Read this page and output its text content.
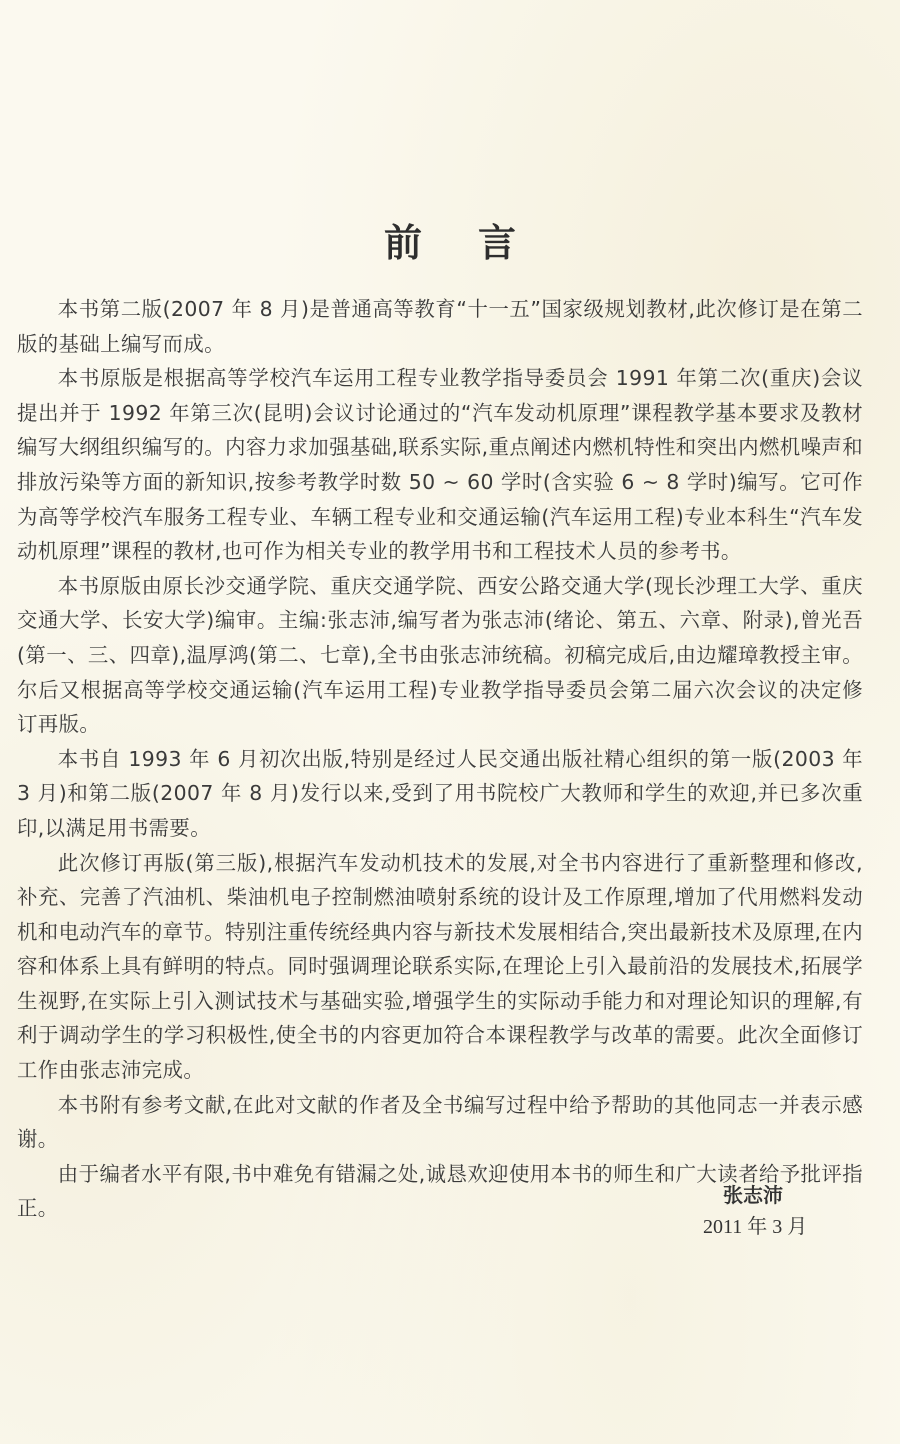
前言

本书第二版(2007 年 8 月)是普通高等教育“十一五”国家级规划教材,此次修订是在第二版的基础上编写而成。

本书原版是根据高等学校汽车运用工程专业教学指导委员会 1991 年第二次(重庆)会议提出并于 1992 年第三次(昆明)会议讨论通过的“汽车发动机原理”课程教学基本要求及教材编写大纲组织编写的。内容力求加强基础,联系实际,重点阐述内燃机特性和突出内燃机噪声和排放污染等方面的新知识,按参考教学时数 50 ~ 60 学时(含实验 6 ~ 8 学时)编写。它可作为高等学校汽车服务工程专业、车辆工程专业和交通运输(汽车运用工程)专业本科生“汽车发动机原理”课程的教材,也可作为相关专业的教学用书和工程技术人员的参考书。

本书原版由原长沙交通学院、重庆交通学院、西安公路交通大学(现长沙理工大学、重庆交通大学、长安大学)编审。主编:张志沛,编写者为张志沛(绪论、第五、六章、附录),曾光吾(第一、三、四章),温厚鸿(第二、七章),全书由张志沛统稿。初稿完成后,由边耀璋教授主审。尔后又根据高等学校交通运输(汽车运用工程)专业教学指导委员会第二届六次会议的决定修订再版。

本书自 1993 年 6 月初次出版,特别是经过人民交通出版社精心组织的第一版(2003 年 3 月)和第二版(2007 年 8 月)发行以来,受到了用书院校广大教师和学生的欢迎,并已多次重印,以满足用书需要。

此次修订再版(第三版),根据汽车发动机技术的发展,对全书内容进行了重新整理和修改,补充、完善了汽油机、柴油机电子控制燃油喷射系统的设计及工作原理,增加了代用燃料发动机和电动汽车的章节。特别注重传统经典内容与新技术发展相结合,突出最新技术及原理,在内容和体系上具有鲜明的特点。同时强调理论联系实际,在理论上引入最前沿的发展技术,拓展学生视野,在实际上引入测试技术与基础实验,增强学生的实际动手能力和对理论知识的理解,有利于调动学生的学习积极性,使全书的内容更加符合本课程教学与改革的需要。此次全面修订工作由张志沛完成。

本书附有参考文献,在此对文献的作者及全书编写过程中给予帮助的其他同志一并表示感谢。

由于编者水平有限,书中难免有错漏之处,诚恳欢迎使用本书的师生和广大读者给予批评指正。

张志沛
2011 年 3 月
